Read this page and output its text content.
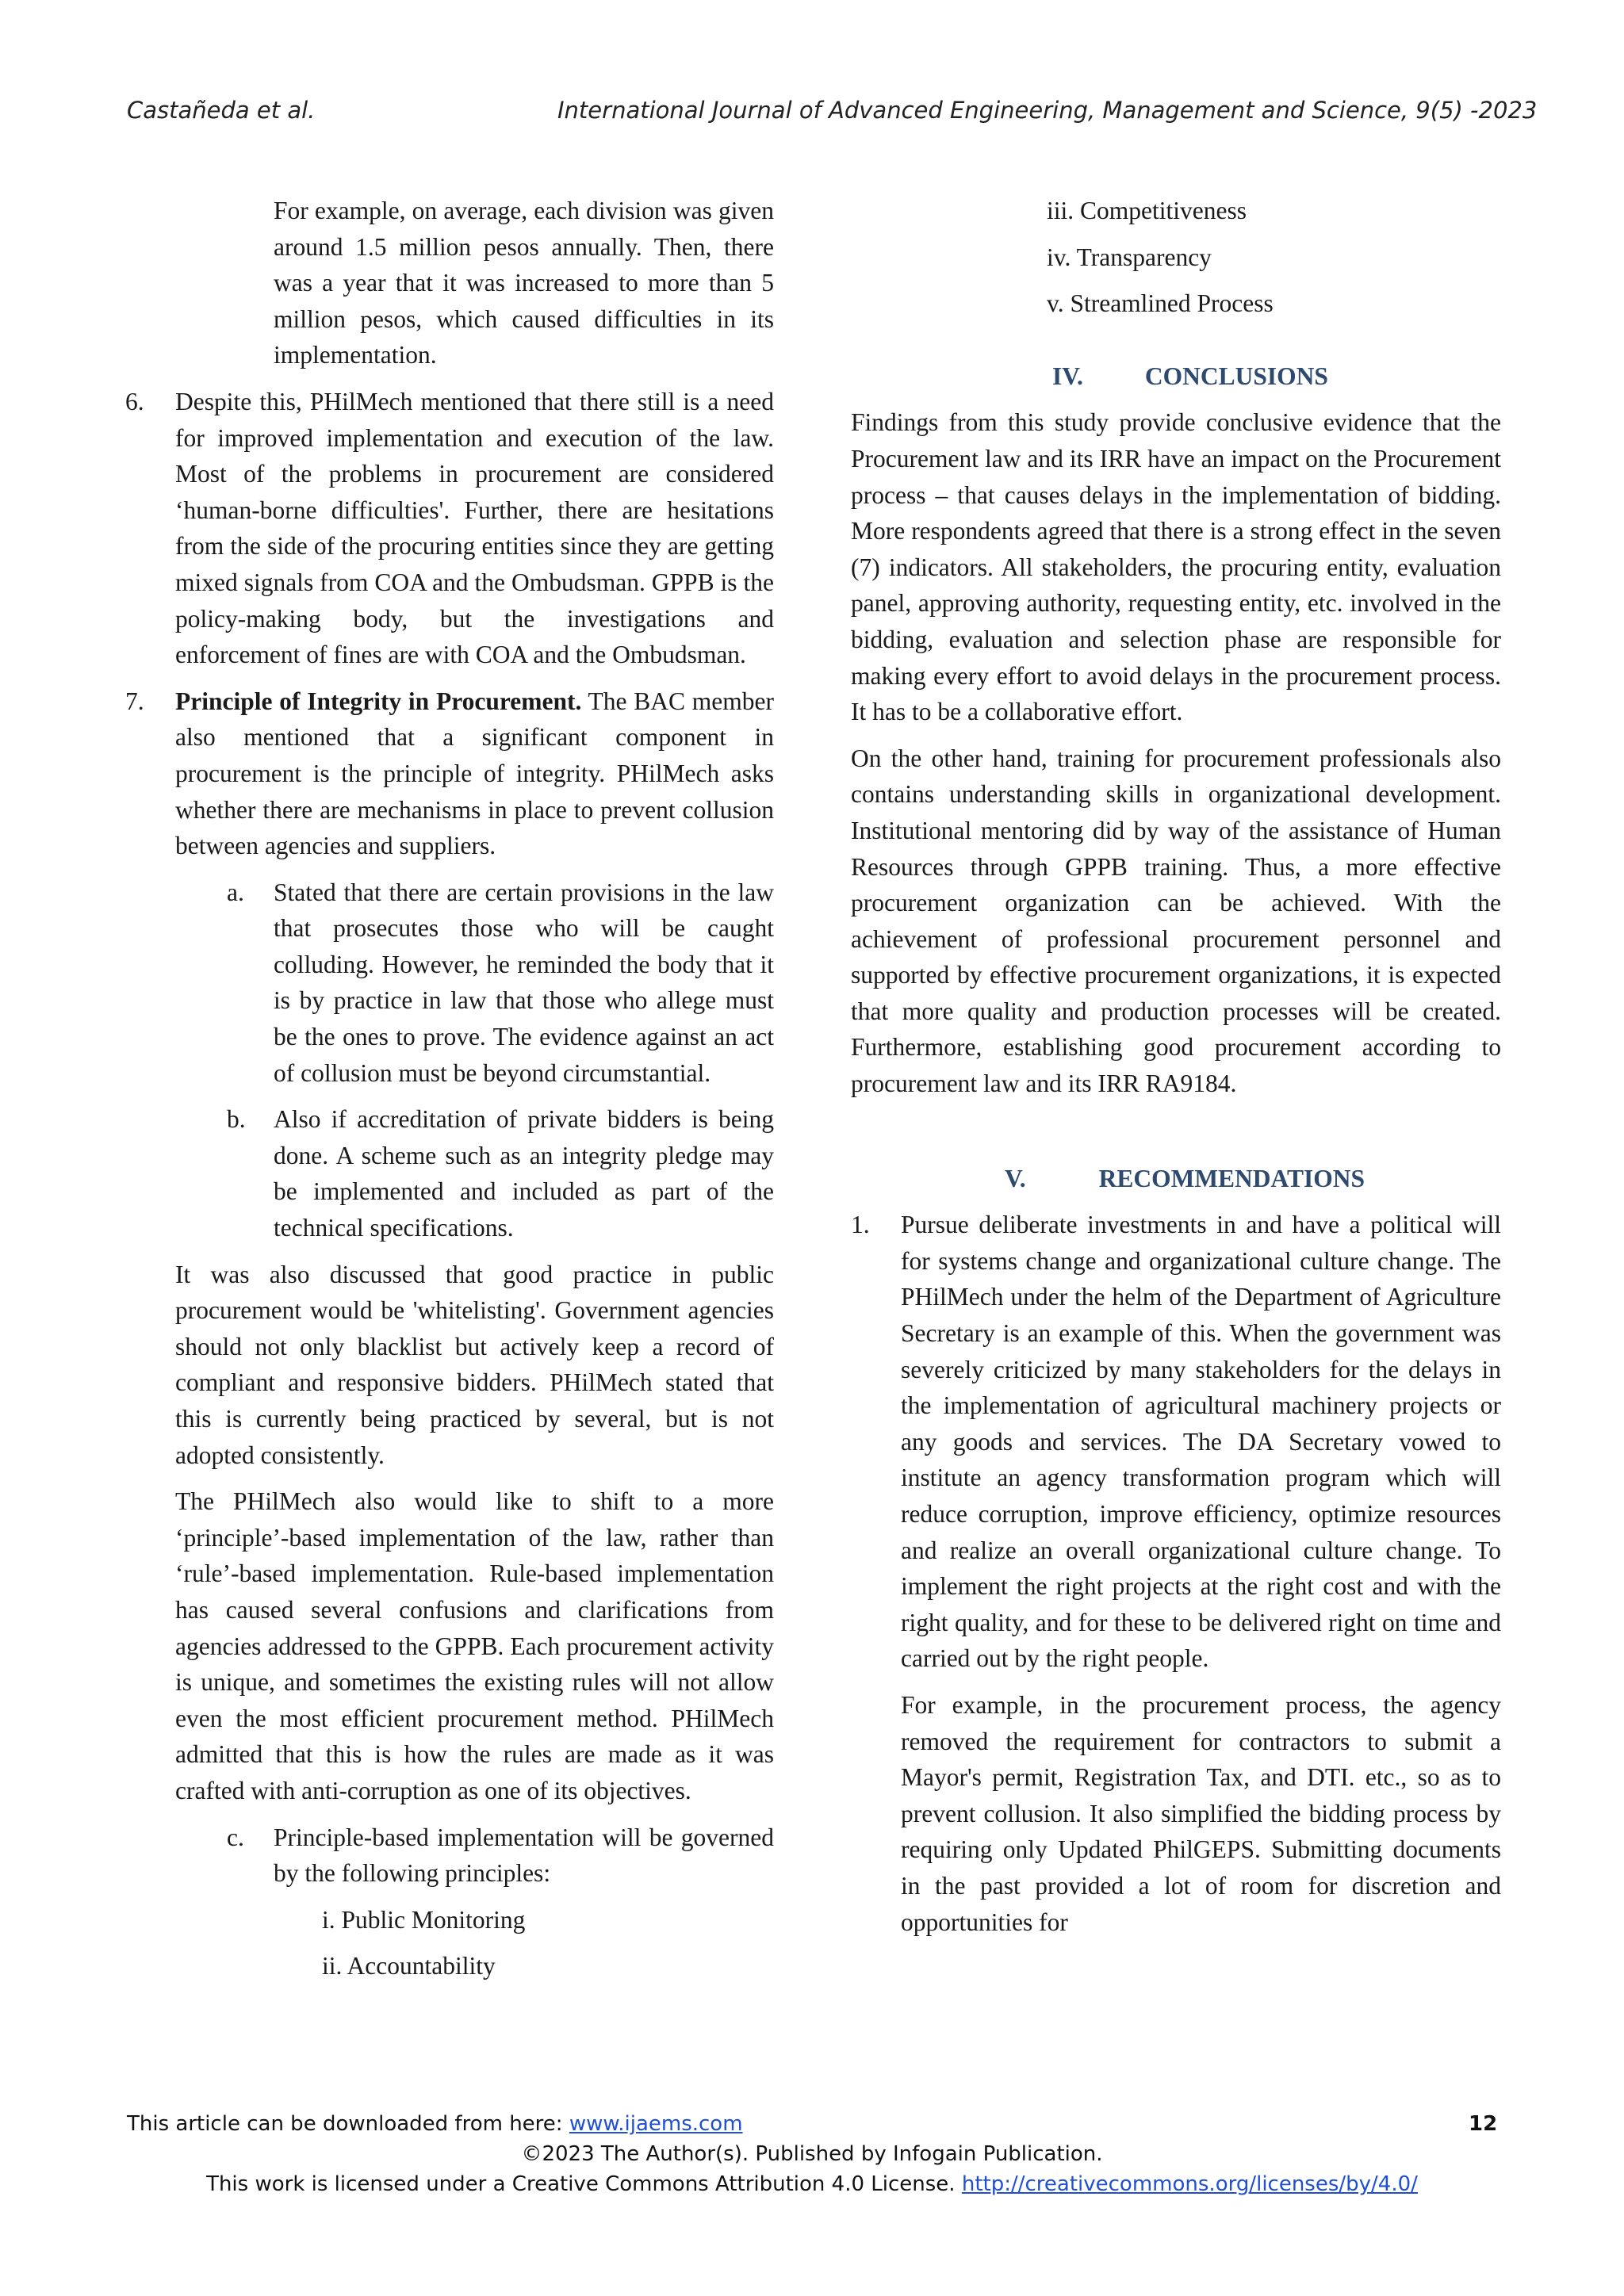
Castañeda et al.	International Journal of Advanced Engineering, Management and Science, 9(5) -2023

For example, on average, each division was given around 1.5 million pesos annually. Then, there was a year that it was increased to more than 5 million pesos, which caused difficulties in its implementation.

6. Despite this, PHilMech mentioned that there still is a need for improved implementation and execution of the law. Most of the problems in procurement are considered ‘human-borne difficulties'. Further, there are hesitations from the side of the procuring entities since they are getting mixed signals from COA and the Ombudsman. GPPB is the policy-making body, but the investigations and enforcement of fines are with COA and the Ombudsman.

7. Principle of Integrity in Procurement. The BAC member also mentioned that a significant component in procurement is the principle of integrity. PHilMech asks whether there are mechanisms in place to prevent collusion between agencies and suppliers.

a. Stated that there are certain provisions in the law that prosecutes those who will be caught colluding. However, he reminded the body that it is by practice in law that those who allege must be the ones to prove. The evidence against an act of collusion must be beyond circumstantial.

b. Also if accreditation of private bidders is being done. A scheme such as an integrity pledge may be implemented and included as part of the technical specifications.

It was also discussed that good practice in public procurement would be 'whitelisting'. Government agencies should not only blacklist but actively keep a record of compliant and responsive bidders. PHilMech stated that this is currently being practiced by several, but is not adopted consistently.

The PHilMech also would like to shift to a more ‘principle’-based implementation of the law, rather than ‘rule’-based implementation. Rule-based implementation has caused several confusions and clarifications from agencies addressed to the GPPB. Each procurement activity is unique, and sometimes the existing rules will not allow even the most efficient procurement method. PHilMech admitted that this is how the rules are made as it was crafted with anti-corruption as one of its objectives.

c. Principle-based implementation will be governed by the following principles:

i. Public Monitoring

ii. Accountability

iii. Competitiveness

iv. Transparency

v. Streamlined Process

IV. CONCLUSIONS

Findings from this study provide conclusive evidence that the Procurement law and its IRR have an impact on the Procurement process – that causes delays in the implementation of bidding. More respondents agreed that there is a strong effect in the seven (7) indicators. All stakeholders, the procuring entity, evaluation panel, approving authority, requesting entity, etc. involved in the bidding, evaluation and selection phase are responsible for making every effort to avoid delays in the procurement process. It has to be a collaborative effort.

On the other hand, training for procurement professionals also contains understanding skills in organizational development. Institutional mentoring did by way of the assistance of Human Resources through GPPB training. Thus, a more effective procurement organization can be achieved. With the achievement of professional procurement personnel and supported by effective procurement organizations, it is expected that more quality and production processes will be created. Furthermore, establishing good procurement according to procurement law and its IRR RA9184.

V.	RECOMMENDATIONS

1. Pursue deliberate investments in and have a political will for systems change and organizational culture change. The PHilMech under the helm of the Department of Agriculture Secretary is an example of this. When the government was severely criticized by many stakeholders for the delays in the implementation of agricultural machinery projects or any goods and services. The DA Secretary vowed to institute an agency transformation program which will reduce corruption, improve efficiency, optimize resources and realize an overall organizational culture change. To implement the right projects at the right cost and with the right quality, and for these to be delivered right on time and carried out by the right people.

For example, in the procurement process, the agency removed the requirement for contractors to submit a Mayor's permit, Registration Tax, and DTI. etc., so as to prevent collusion. It also simplified the bidding process by requiring only Updated PhilGEPS. Submitting documents in the past provided a lot of room for discretion and opportunities for

This article can be downloaded from here: www.ijaems.com	12
©2023 The Author(s). Published by Infogain Publication.
This work is licensed under a Creative Commons Attribution 4.0 License. http://creativecommons.org/licenses/by/4.0/
